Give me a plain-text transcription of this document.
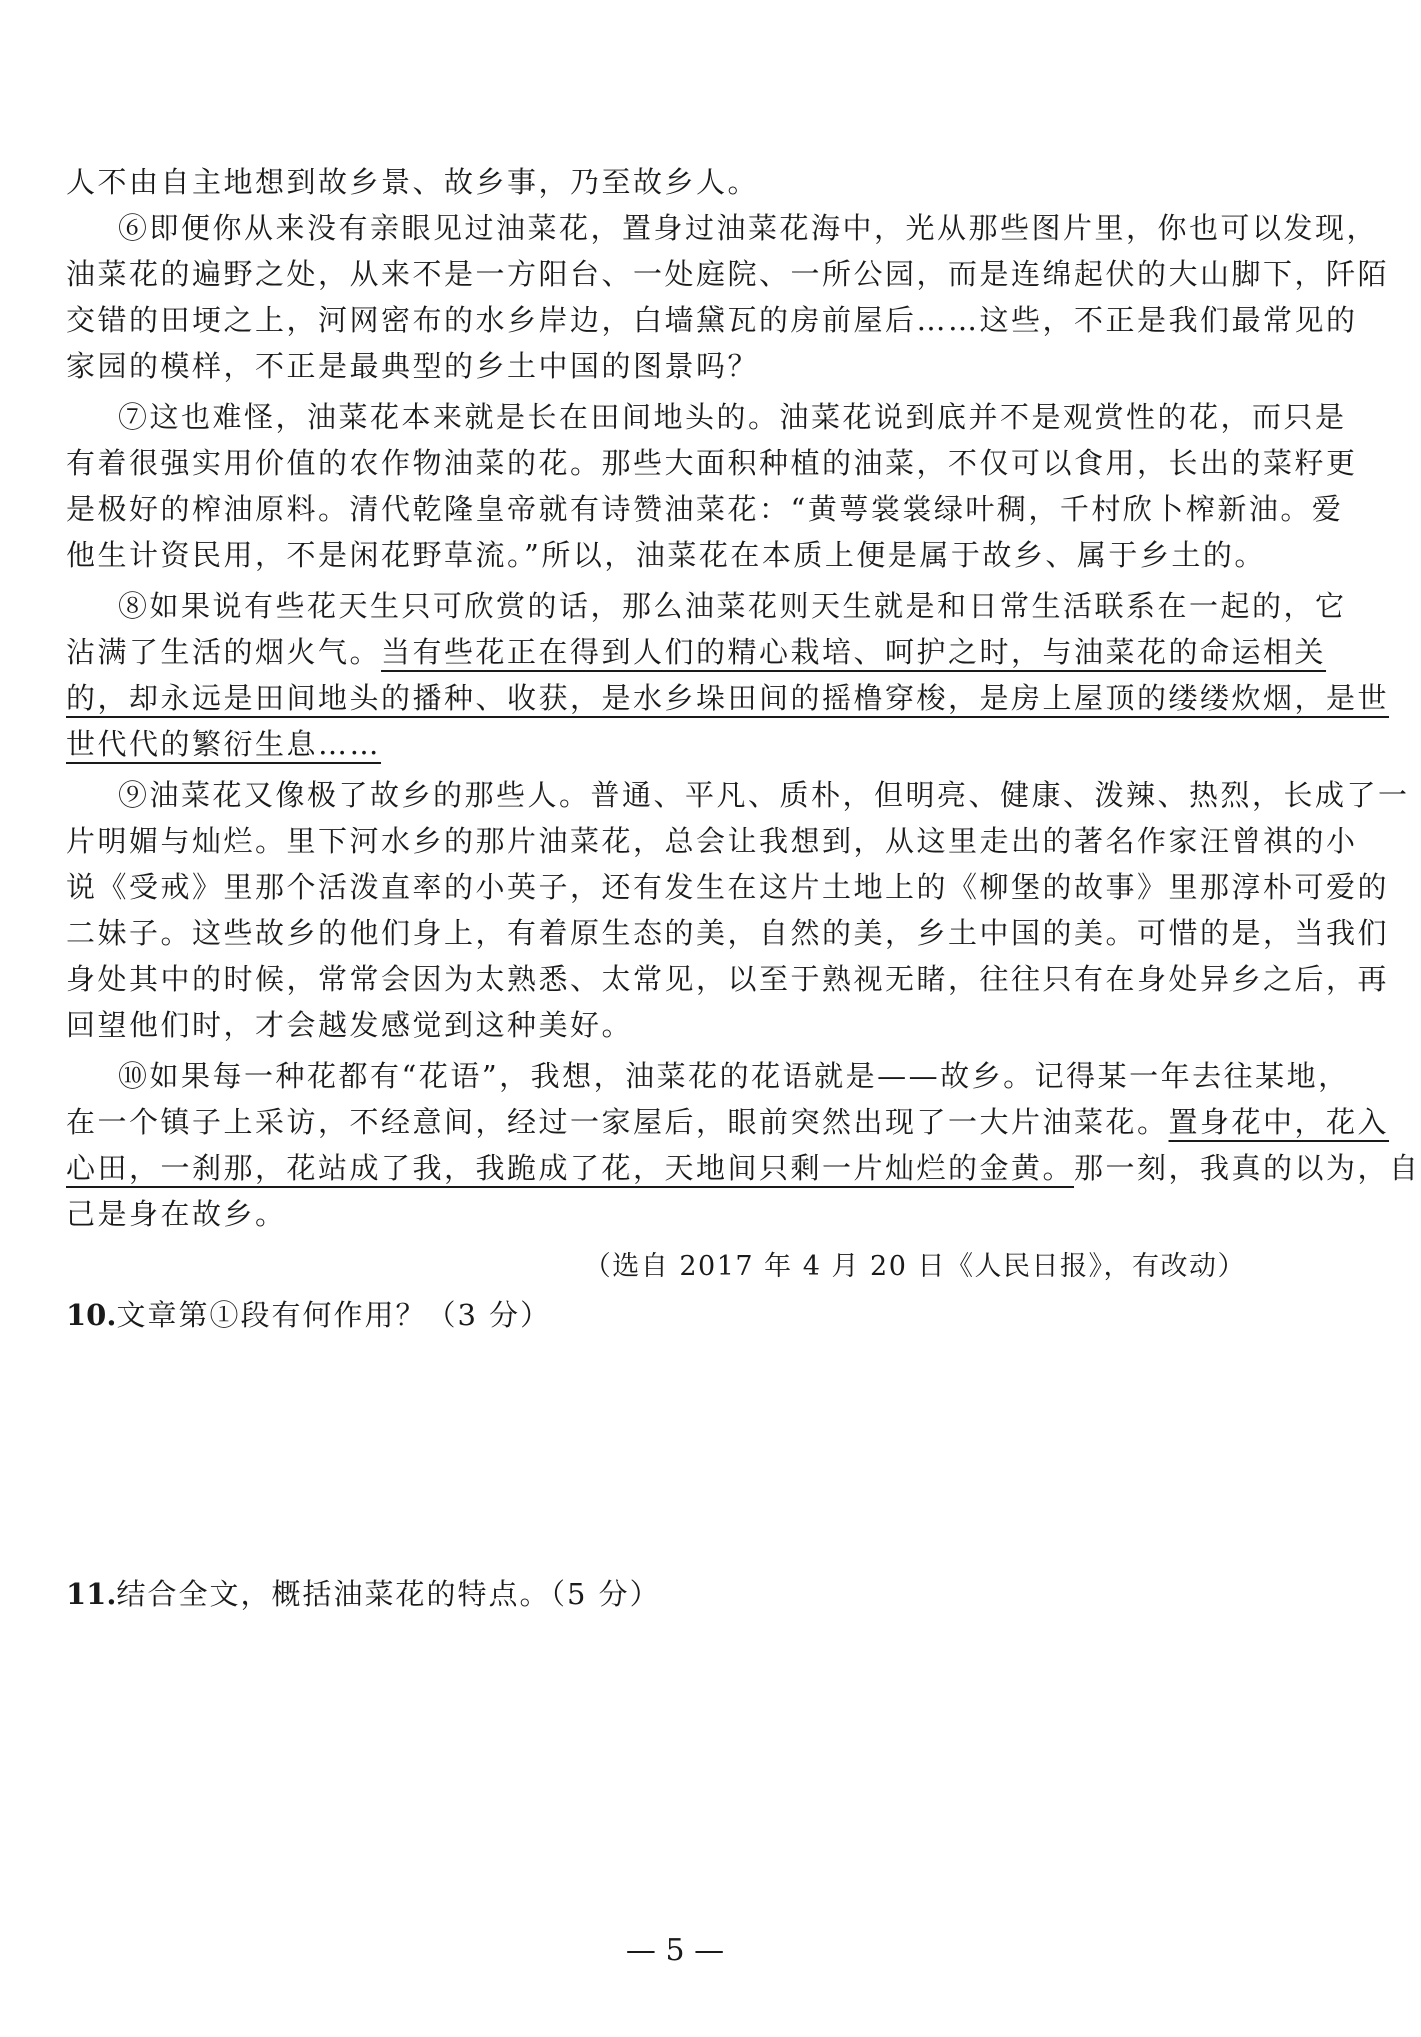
人不由自主地想到故乡景、故乡事，乃至故乡人。
⑥即便你从来没有亲眼见过油菜花，置身过油菜花海中，光从那些图片里，你也可以发现，
油菜花的遍野之处，从来不是一方阳台、一处庭院、一所公园，而是连绵起伏的大山脚下，阡陌
交错的田埂之上，河网密布的水乡岸边，白墙黛瓦的房前屋后……这些，不正是我们最常见的
家园的模样，不正是最典型的乡土中国的图景吗？
⑦这也难怪，油菜花本来就是长在田间地头的。油菜花说到底并不是观赏性的花，而只是
有着很强实用价值的农作物油菜的花。那些大面积种植的油菜，不仅可以食用，长出的菜籽更
是极好的榨油原料。清代乾隆皇帝就有诗赞油菜花：“黄萼裳裳绿叶稠，千村欣卜榨新油。爱
他生计资民用，不是闲花野草流。”所以，油菜花在本质上便是属于故乡、属于乡土的。
⑧如果说有些花天生只可欣赏的话，那么油菜花则天生就是和日常生活联系在一起的，它
沾满了生活的烟火气。当有些花正在得到人们的精心栽培、呵护之时，与油菜花的命运相关
的，却永远是田间地头的播种、收获，是水乡垛田间的摇橹穿梭，是房上屋顶的缕缕炊烟，是世
世代代的繁衍生息……
⑨油菜花又像极了故乡的那些人。普通、平凡、质朴，但明亮、健康、泼辣、热烈，长成了一
片明媚与灿烂。里下河水乡的那片油菜花，总会让我想到，从这里走出的著名作家汪曾祺的小
说《受戒》里那个活泼直率的小英子，还有发生在这片土地上的《柳堡的故事》里那淳朴可爱的
二妹子。这些故乡的他们身上，有着原生态的美，自然的美，乡土中国的美。可惜的是，当我们
身处其中的时候，常常会因为太熟悉、太常见，以至于熟视无睹，往往只有在身处异乡之后，再
回望他们时，才会越发感觉到这种美好。
⑩如果每一种花都有“花语”，我想，油菜花的花语就是——故乡。记得某一年去往某地，
在一个镇子上采访，不经意间，经过一家屋后，眼前突然出现了一大片油菜花。置身花中，花入
心田，一刹那，花站成了我，我跪成了花，天地间只剩一片灿烂的金黄。那一刻，我真的以为，自
己是身在故乡。
（选自 2017 年 4 月 20 日《人民日报》，有改动）
10.文章第①段有何作用？（3 分）
11.结合全文，概括油菜花的特点。（5 分）
— 5 —
